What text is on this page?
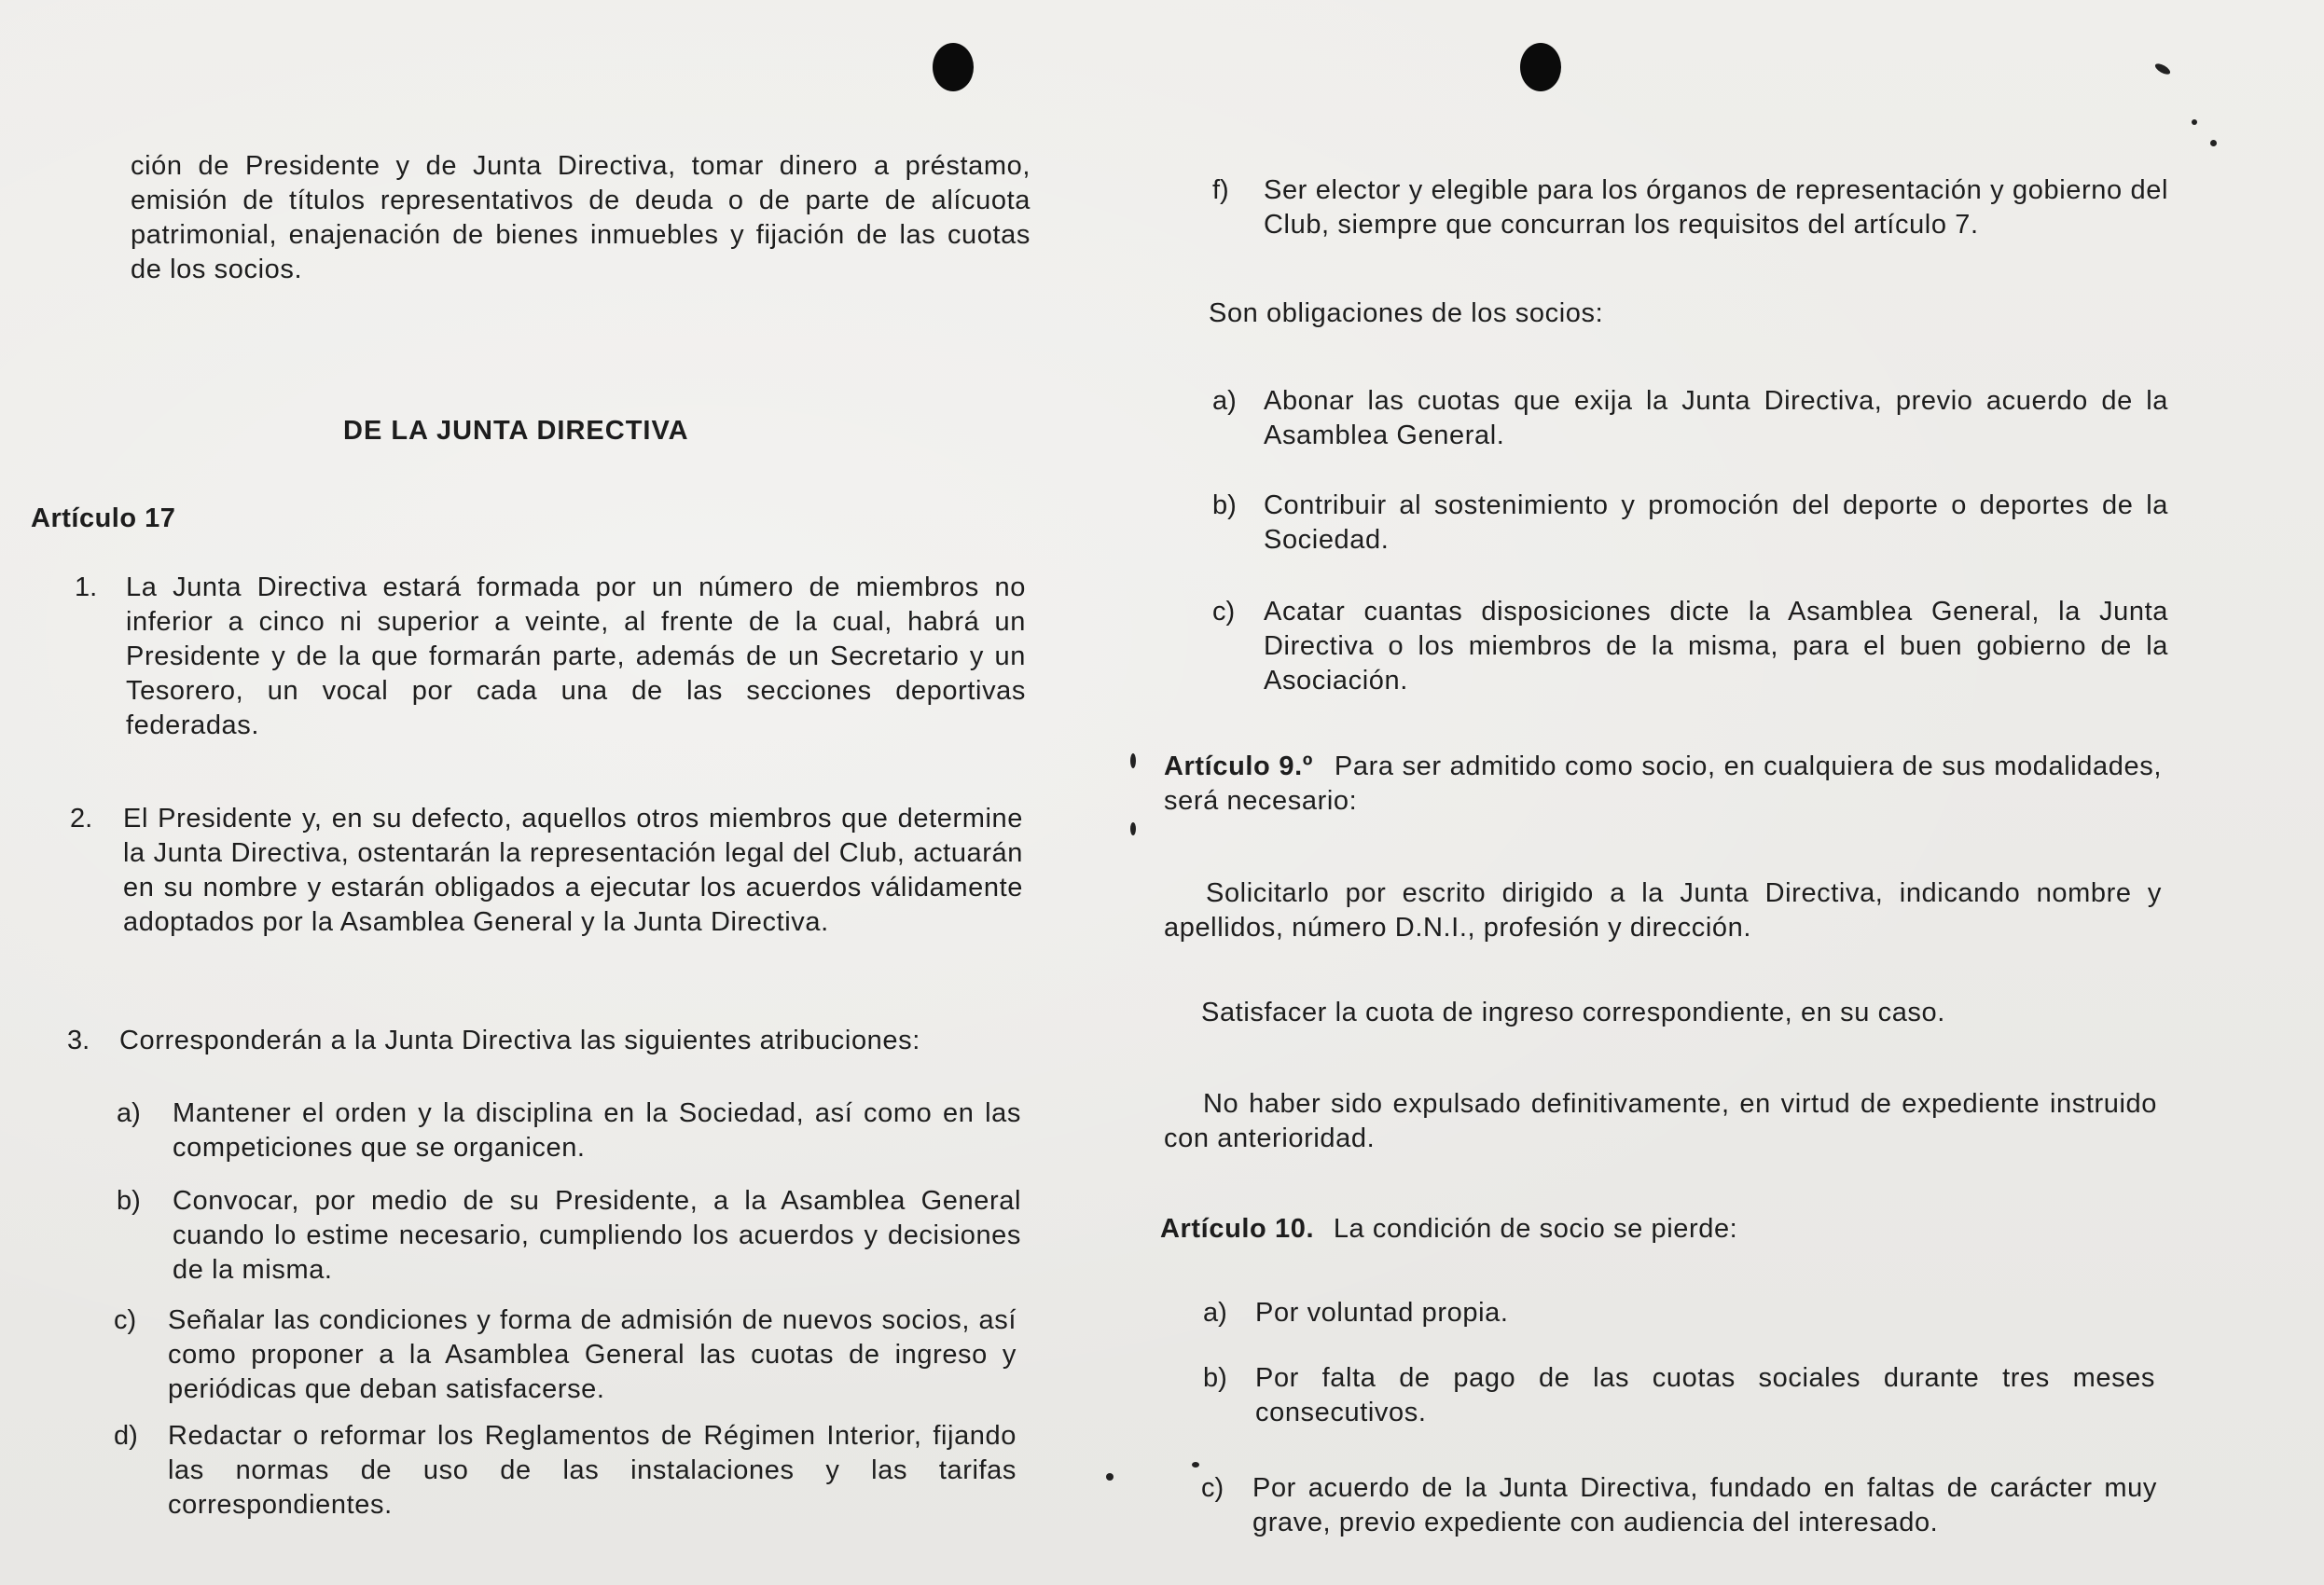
ción de Presidente y de Junta Directiva, tomar dinero a préstamo, emisión de títulos representativos de deuda o de parte de alícuota patrimonial, enajenación de bienes inmuebles y fijación de las cuotas de los socios.

DE LA JUNTA DIRECTIVA
Artículo 17
1. La Junta Directiva estará formada por un número de miembros no inferior a cinco ni superior a veinte, al frente de la cual, habrá un Presidente y de la que formarán parte, además de un Secretario y un Tesorero, un vocal por cada una de las secciones deportivas federadas.
2. El Presidente y, en su defecto, aquellos otros miembros que determine la Junta Directiva, ostentarán la representación legal del Club, actuarán en su nombre y estarán obligados a ejecutar los acuerdos válidamente adoptados por la Asamblea General y la Junta Directiva.
3. Corresponderán a la Junta Directiva las siguientes atribuciones:
a) Mantener el orden y la disciplina en la Sociedad, así como en las competiciones que se organicen.
b) Convocar, por medio de su Presidente, a la Asamblea General cuando lo estime necesario, cumpliendo los acuerdos y decisiones de la misma.
c) Señalar las condiciones y forma de admisión de nuevos socios, así como proponer a la Asamblea General las cuotas de ingreso y periódicas que deban satisfacerse.
d) Redactar o reformar los Reglamentos de Régimen Interior, fijando las normas de uso de las instalaciones y las tarifas correspondientes.
f) Ser elector y elegible para los órganos de representación y gobierno del Club, siempre que concurran los requisitos del artículo 7.

Son obligaciones de los socios:

a) Abonar las cuotas que exija la Junta Directiva, previo acuerdo de la Asamblea General.
b) Contribuir al sostenimiento y promoción del deporte o deportes de la Sociedad.
c) Acatar cuantas disposiciones dicte la Asamblea General, la Junta Directiva o los miembros de la misma, para el buen gobierno de la Asociación.
Artículo 9.º Para ser admitido como socio, en cualquiera de sus modalidades, será necesario:

Solicitarlo por escrito dirigido a la Junta Directiva, indicando nombre y apellidos, número D.N.I., profesión y dirección.

Satisfacer la cuota de ingreso correspondiente, en su caso.

No haber sido expulsado definitivamente, en virtud de expediente instruido con anterioridad.

Artículo 10. La condición de socio se pierde:
a) Por voluntad propia.
b) Por falta de pago de las cuotas sociales durante tres meses consecutivos.
c) Por acuerdo de la Junta Directiva, fundado en faltas de carácter muy grave, previo expediente con audiencia del interesado.
